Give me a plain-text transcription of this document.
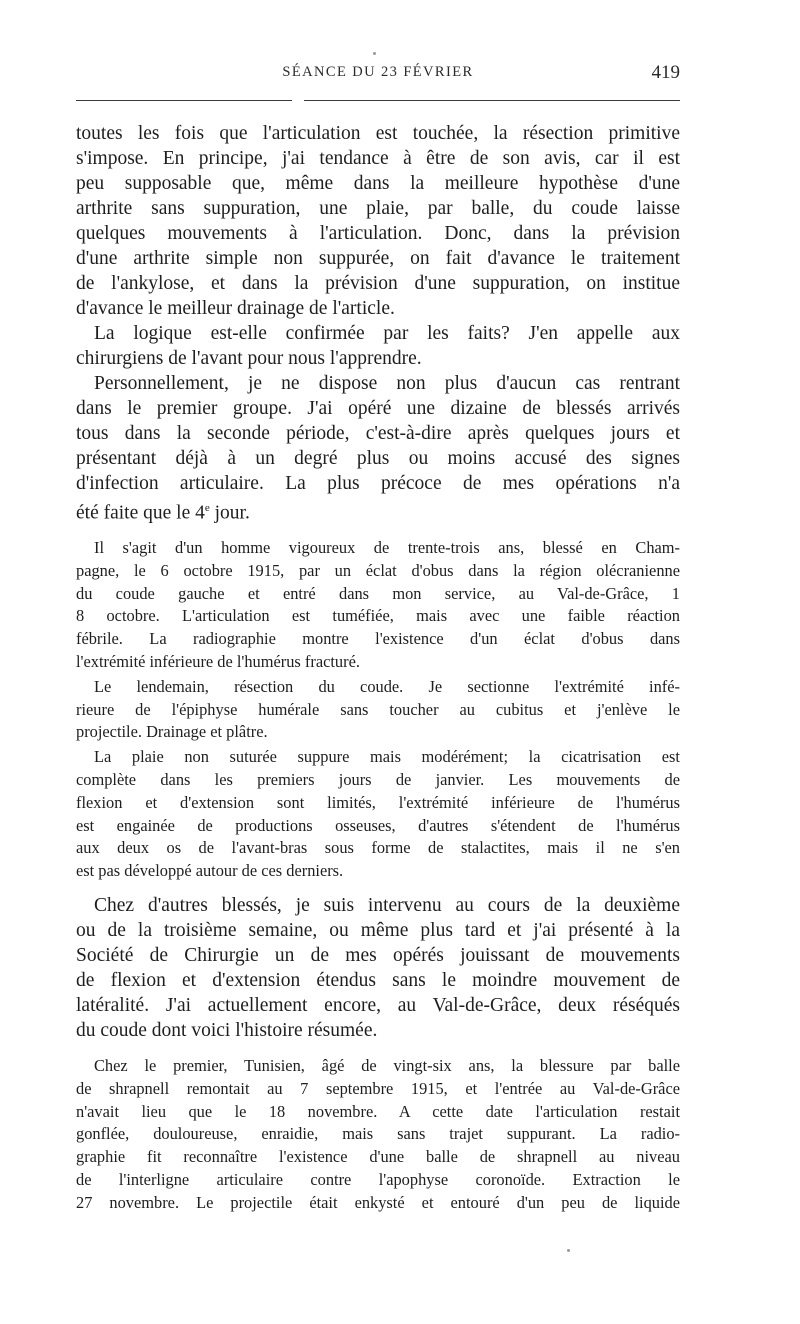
SÉANCE DU 23 FÉVRIER	419
toutes les fois que l'articulation est touchée, la résection primitive
s'impose. En principe, j'ai tendance à être de son avis, car il est
peu supposable que, même dans la meilleure hypothèse d'une
arthrite sans suppuration, une plaie, par balle, du coude laisse
quelques mouvements à l'articulation. Donc, dans la prévision
d'une arthrite simple non suppurée, on fait d'avance le traitement
de l'ankylose, et dans la prévision d'une suppuration, on institue
d'avance le meilleur drainage de l'article.
La logique est-elle confirmée par les faits? J'en appelle aux
chirurgiens de l'avant pour nous l'apprendre.
Personnellement, je ne dispose non plus d'aucun cas rentrant
dans le premier groupe. J'ai opéré une dizaine de blessés arrivés
tous dans la seconde période, c'est-à-dire après quelques jours et
présentant déjà à un degré plus ou moins accusé des signes
d'infection articulaire. La plus précoce de mes opérations n'a
été faite que le 4e jour.
Il s'agit d'un homme vigoureux de trente-trois ans, blessé en Cham-
pagne, le 6 octobre 1915, par un éclat d'obus dans la région olécranienne
du coude gauche et entré dans mon service, au Val-de-Grâce, 1
8 octobre. L'articulation est tuméfiée, mais avec une faible réaction
fébrile. La radiographie montre l'existence d'un éclat d'obus dans
l'extrémité inférieure de l'humérus fracturé.
Le lendemain, résection du coude. Je sectionne l'extrémité infé-
rieure de l'épiphyse humérale sans toucher au cubitus et j'enlève le
projectile. Drainage et plâtre.
La plaie non suturée suppure mais modérément; la cicatrisation est
complète dans les premiers jours de janvier. Les mouvements de
flexion et d'extension sont limités, l'extrémité inférieure de l'humérus
est engainée de productions osseuses, d'autres s'étendent de l'humérus
aux deux os de l'avant-bras sous forme de stalactites, mais il ne s'en
est pas développé autour de ces derniers.
Chez d'autres blessés, je suis intervenu au cours de la deuxième
ou de la troisième semaine, ou même plus tard et j'ai présenté à la
Société de Chirurgie un de mes opérés jouissant de mouvements
de flexion et d'extension étendus sans le moindre mouvement de
latéralité. J'ai actuellement encore, au Val-de-Grâce, deux réséqués
du coude dont voici l'histoire résumée.
Chez le premier, Tunisien, âgé de vingt-six ans, la blessure par balle
de shrapnell remontait au 7 septembre 1915, et l'entrée au Val-de-Grâce
n'avait lieu que le 18 novembre. A cette date l'articulation restait
gonflée, douloureuse, enraidie, mais sans trajet suppurant. La radio-
graphie fit reconnaître l'existence d'une balle de shrapnell au niveau
de l'interligne articulaire contre l'apophyse coronoïde. Extraction le
27 novembre. Le projectile était enkysté et entouré d'un peu de liquide
